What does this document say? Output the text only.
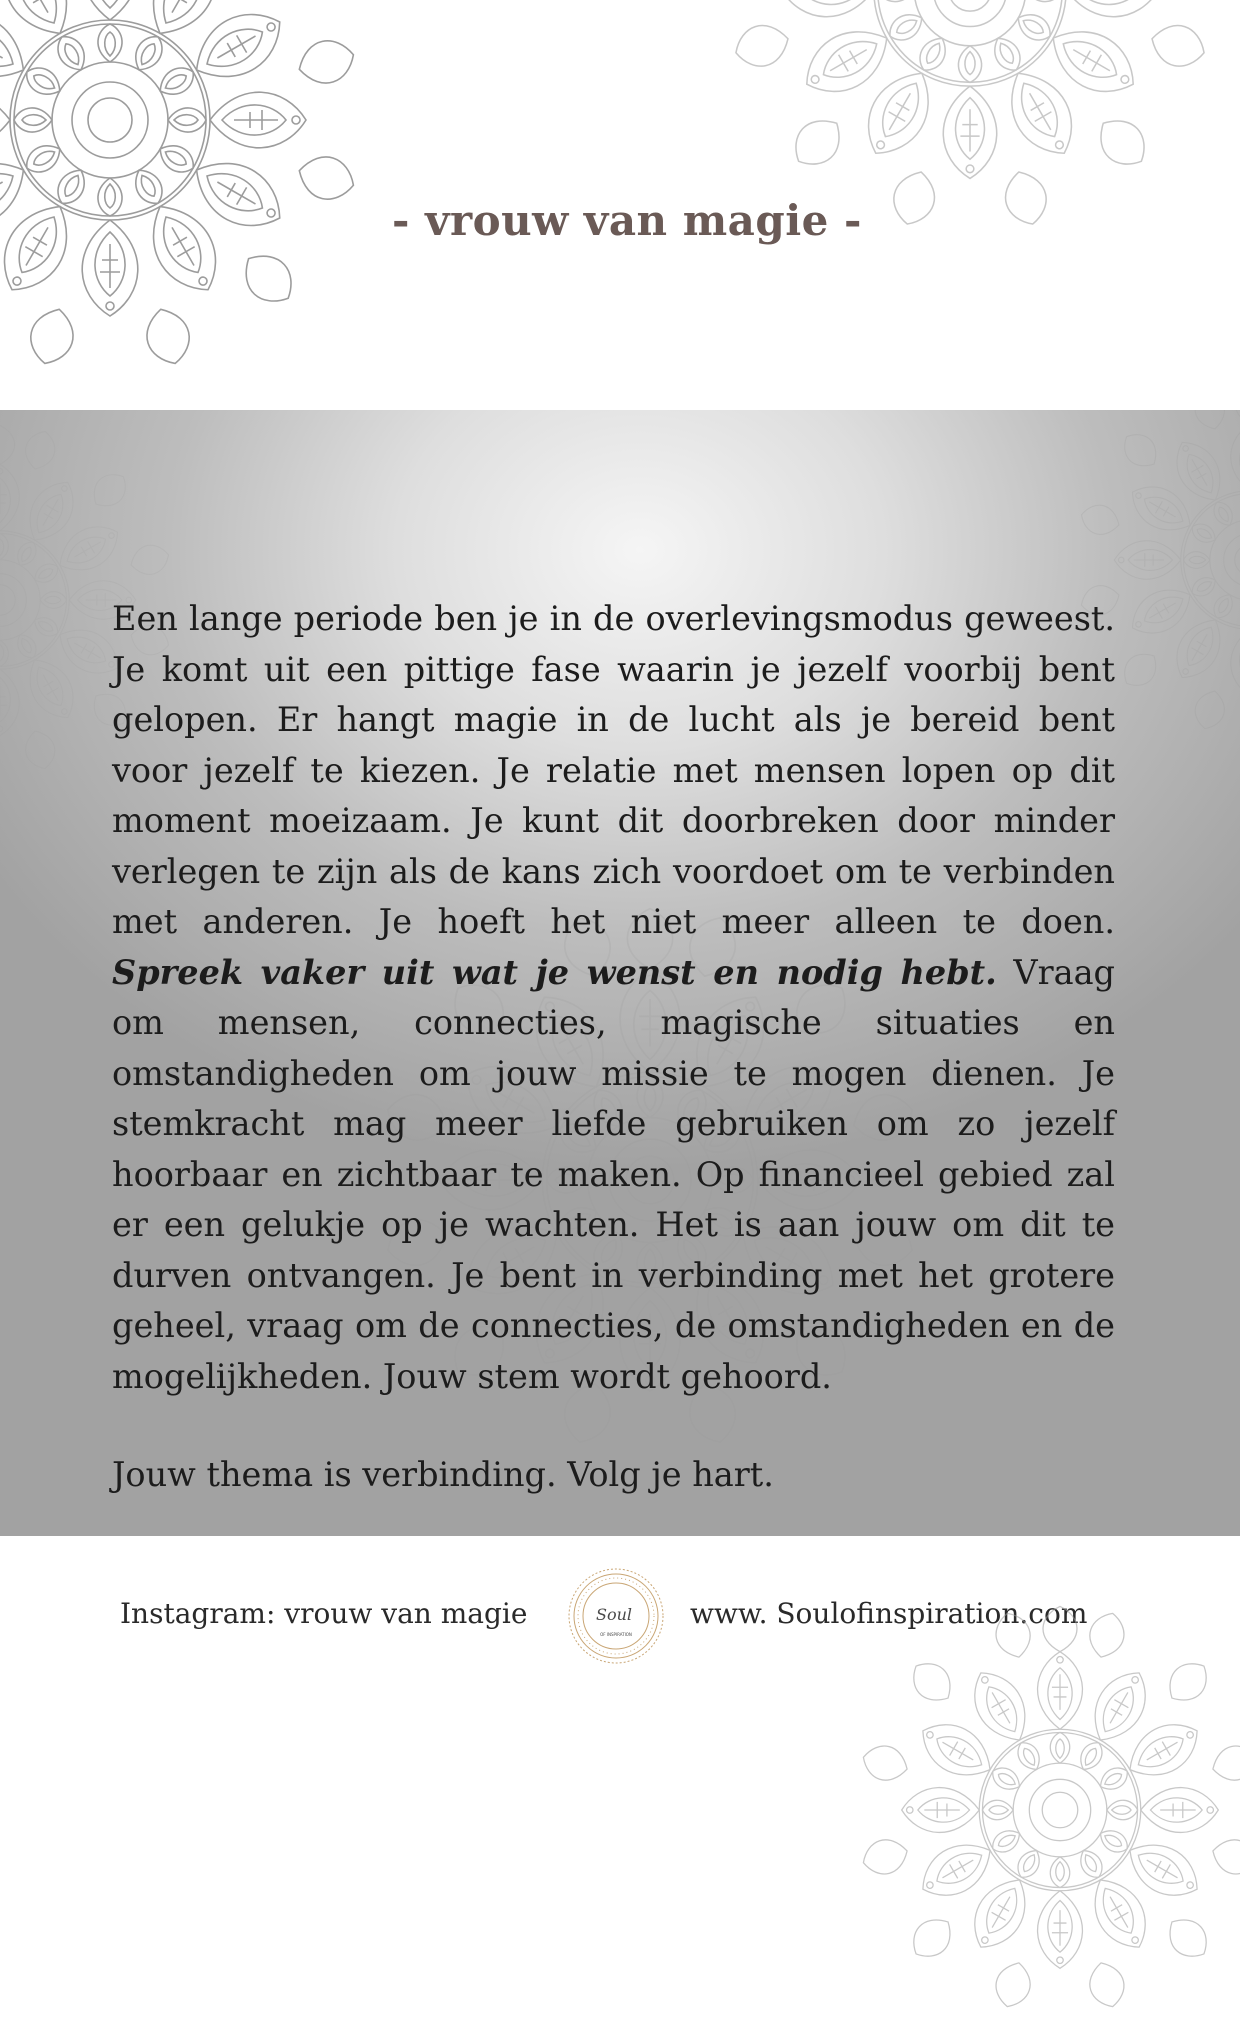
- vrouw van magie -

Een lange periode ben je in de overlevingsmodus geweest. Je komt uit een pittige fase waarin je jezelf voorbij bent gelopen. Er hangt magie in de lucht als je bereid bent voor jezelf te kiezen. Je relatie met mensen lopen op dit moment moeizaam. Je kunt dit doorbreken door minder verlegen te zijn als de kans zich voordoet om te verbinden met anderen. Je hoeft het niet meer alleen te doen. Spreek vaker uit wat je wenst en nodig hebt. Vraag om mensen, connecties, magische situaties en omstandigheden om jouw missie te mogen dienen. Je stemkracht mag meer liefde gebruiken om zo jezelf hoorbaar en zichtbaar te maken. Op financieel gebied zal er een gelukje op je wachten. Het is aan jouw om dit te durven ontvangen. Je bent in verbinding met het grotere geheel, vraag om de connecties, de omstandigheden en de mogelijkheden. Jouw stem wordt gehoord.

Jouw thema is verbinding. Volg je hart.

Instagram: vrouw van magie	Soul
OF INSPIRATION
www. Soulofinspiration.com
